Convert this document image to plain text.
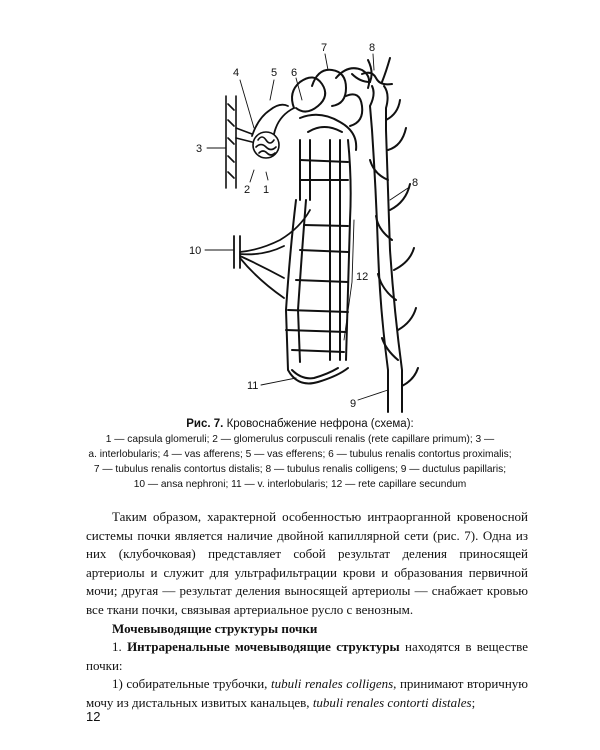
3
4	5 6
7	8
8
2 1
10
12
11
9
Рис. 7. Кровоснабжение нефрона (схема):
1 — capsula glomeruli; 2 — glomerulus corpusculi renalis (rete capillare primum); 3 —
a. interlobularis; 4 — vas afferens; 5 — vas efferens; 6 — tubulus renalis contortus proximalis;
7 — tubulus renalis contortus distalis; 8 — tubulus renalis colligens; 9 — ductulus papillaris;
10 — ansa nephroni; 11 — v. interlobularis; 12 — rete capillare secundum

Таким образом, характерной особенностью интраорганной кровеносной системы почки является наличие двойной капиллярной сети (рис. 7). Одна из них (клубочковая) представляет собой результат деления приносящей артериолы и служит для ультрафильтрации крови и образования первичной мочи; другая — результат деления выносящей артериолы — снабжает кровью все ткани почки, связывая артериальное русло с венозным.

Мочевыводящие структуры почки

1. Интраренальные мочевыводящие структуры находятся в веществе почки:

1) собирательные трубочки, tubuli renales colligens, принимают вторичную мочу из дистальных извитых канальцев, tubuli renales contorti distales;

12
